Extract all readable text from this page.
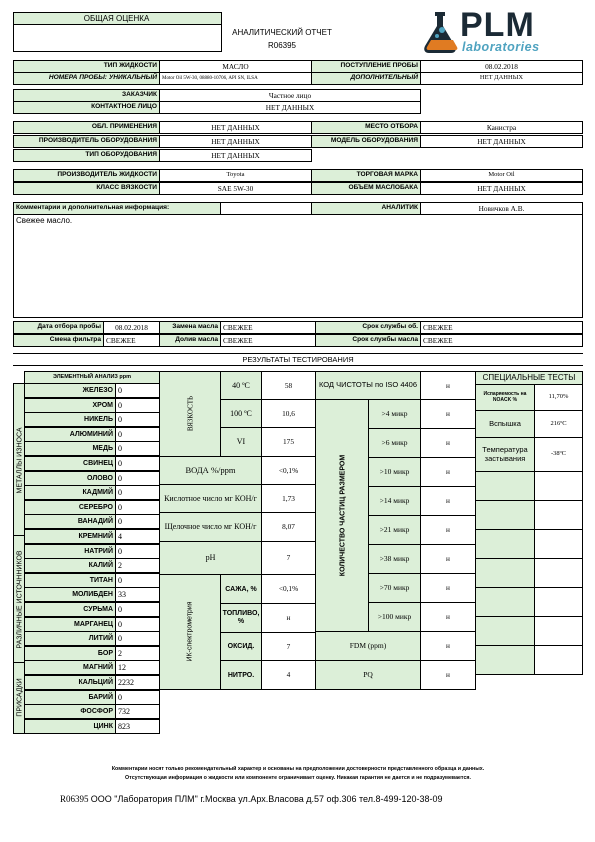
ОБЩАЯ ОЦЕНКА
АНАЛИТИЧЕСКИЙ ОТЧЕТ
R06395
PLM
laboratories
ТИП ЖИДКОСТИ	МАСЛО	ПОСТУПЛЕНИЕ ПРОБЫ	08.02.2018
НОМЕРА ПРОБЫ: УНИКАЛЬНЫЙ	Motor Oil 5W-30, 08880-10706, API SN, ILSA	ДОПОЛНИТЕЛЬНЫЙ	НЕТ ДАННЫХ
ЗАКАЗЧИК	Частное лицо
КОНТАКТНОЕ ЛИЦО	НЕТ ДАННЫХ
ОБЛ. ПРИМЕНЕНИЯ	НЕТ ДАННЫХ	МЕСТО ОТБОРА	Канистра
ПРОИЗВОДИТЕЛЬ ОБОРУДОВАНИЯ	НЕТ ДАННЫХ	МОДЕЛЬ ОБОРУДОВАНИЯ	НЕТ ДАННЫХ
ТИП ОБОРУДОВАНИЯ	НЕТ ДАННЫХ
ПРОИЗВОДИТЕЛЬ ЖИДКОСТИ	Toyota	ТОРГОВАЯ МАРКА	Motor Oil
КЛАСС ВЯЗКОСТИ	SAE 5W-30	ОБЪЕМ МАСЛОБАКА	НЕТ ДАННЫХ
Комментарии и дополнительная информация:	АНАЛИТИК	Новичков А.В.
Свежее масло.
Дата отбора пробы	08.02.2018	Замена масла СВЕЖЕЕ	Срок службы об. СВЕЖЕЕ
Смена фильтра СВЕЖЕЕ	Долив масла СВЕЖЕЕ	Срок службы масла СВЕЖЕЕ
РЕЗУЛЬТАТЫ ТЕСТИРОВАНИЯ
ЭЛЕМЕНТНЫЙ АНАЛИЗ ppm
МЕТАЛЛЫ ИЗНОСА
РАЗЛИЧНЫЕ ИСТОЧННИКОВ
ПРИСАДКИ
ЖЕЛЕЗО 0
ХРОМ 0
НИКЕЛЬ 0
АЛЮМИНИЙ 0
МЕДЬ 0
СВИНЕЦ 0
ОЛОВО 0
КАДМИЙ 0
СЕРЕБРО 0
ВАНАДИЙ 0
КРЕМНИЙ 4
НАТРИЙ 0
КАЛИЙ 2
ТИТАН 0
МОЛИБДЕН 33
СУРЬМА 0
МАРГАНЕЦ 0
ЛИТИЙ 0
БОР 2
МАГНИЙ 12
КАЛЬЦИЙ 2232
БАРИЙ 0
ФОСФОР 732
ЦИНК 823
ВЯЗКОСТЬ
40 ºC	58
100 ºC	10,6
VI	175
ВОДА %/ppm	<0,1%
Кислотное число мг КОН/г	1,73
Щелочное число мг КОН/г	8,07
pH	7
ИК-спектрометрия
САЖА, %	<0,1%
ТОПЛИВО, %	н
ОКСИД.	7
НИТРО.	4
КОД ЧИСТОТЫ по ISO 4406	н
КОЛИЧЕСТВО ЧАСТИЦ РАЗМЕРОМ
>4 микр	н
>6 микр	н
>10 микр	н
>14 микр	н
>21 микр	н
>38 микр	н
>70 микр	н
>100 микр	н
FDM (ppm)	н
PQ	н
СПЕЦИАЛЬНЫЕ ТЕСТЫ
Испаряемость на NOACK %	11,70%
Вспышка	216ºC
Температура застывания	-38ºC
Комментарии носят только рекомендательный характер и основаны на предположении достоверности представленного образца и данных.
Отсутствующая информация о жидкости или компоненте ограничивает оценку. Никакая гарантия не дается и не подразумевается.
R06395 ООО "Лаборатория ПЛМ" г.Москва ул.Арх.Власова д.57 оф.306 тел.8-499-120-38-09
